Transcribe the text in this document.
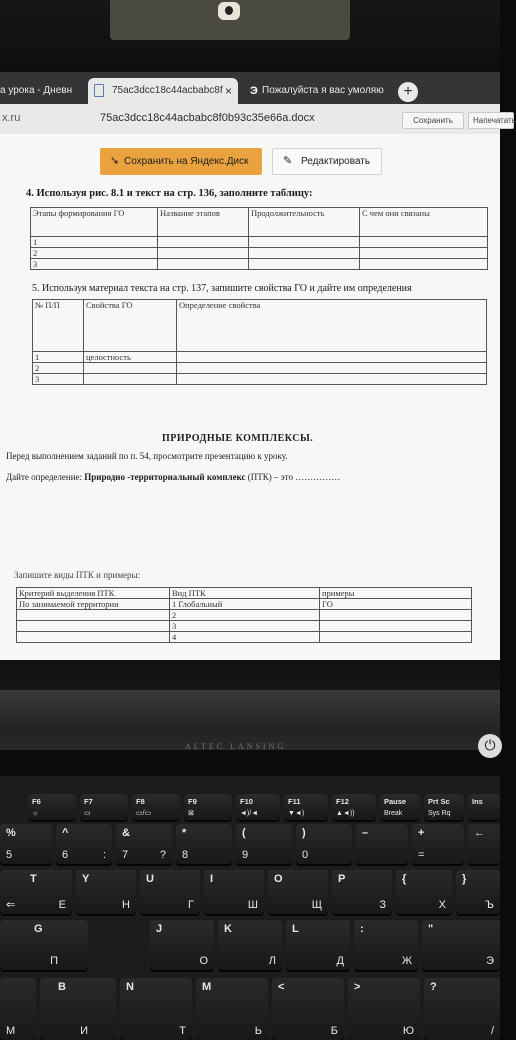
а урока - Дневн	75ac3dcc18c44acbabc8f × Э Пожалуйста я вас умоляю	+
x.ru	75ac3dcc18c44acbabc8f0b93c35e66a.docx	Сохранить	Напечатать
➘ Сохранить на Яндекс.Диск	✎ Редактировать
4. Используя рис. 8.1 и текст на стр. 136, заполните таблицу:
Этапы формирования ГО	Название этапов	Продолжительность	С чем они связаны
1			
2			
3			
5. Используя материал текста на стр. 137, запишите свойства ГО и дайте им определения
№ П/П	Свойства ГО	Определение свойства
1	целостность	
2		
3		
ПРИРОДНЫЕ КОМПЛЕКСЫ.
Перед выполнением заданий по п. 54, просмотрите презентацию к уроку.
Дайте определение: Природно -территориальный комплекс (ПТК) – это ……………
Запишите виды ПТК и примеры:
Критерий выделения ПТК	Вид ПТК	примеры
По занимаемой территории	1 Глобальный	ГО
	2	
	3	
	4	
ALTEC LANSING	⏻
F6
☼
F7
▭
F8
▭/▭
F9
⊠
F10
◄)/◄
F11
▼◄)
F12
▲◄))
Pause
Break
Prt Sc
Sys Rq
Ins
%
5
^
:
6
&
?
7
*
8
(
9
)
0
–	+
=
←
T
⇐	Е
Y
Н
U
Г
I
Ш
O
Щ
P
З
{
Х
}
Ъ
G
П
J
О
K
Л
L
Д
:
Ж
"
Э
М
B
И
N
Т
M
Ь
<
Б
>
Ю
?
/
